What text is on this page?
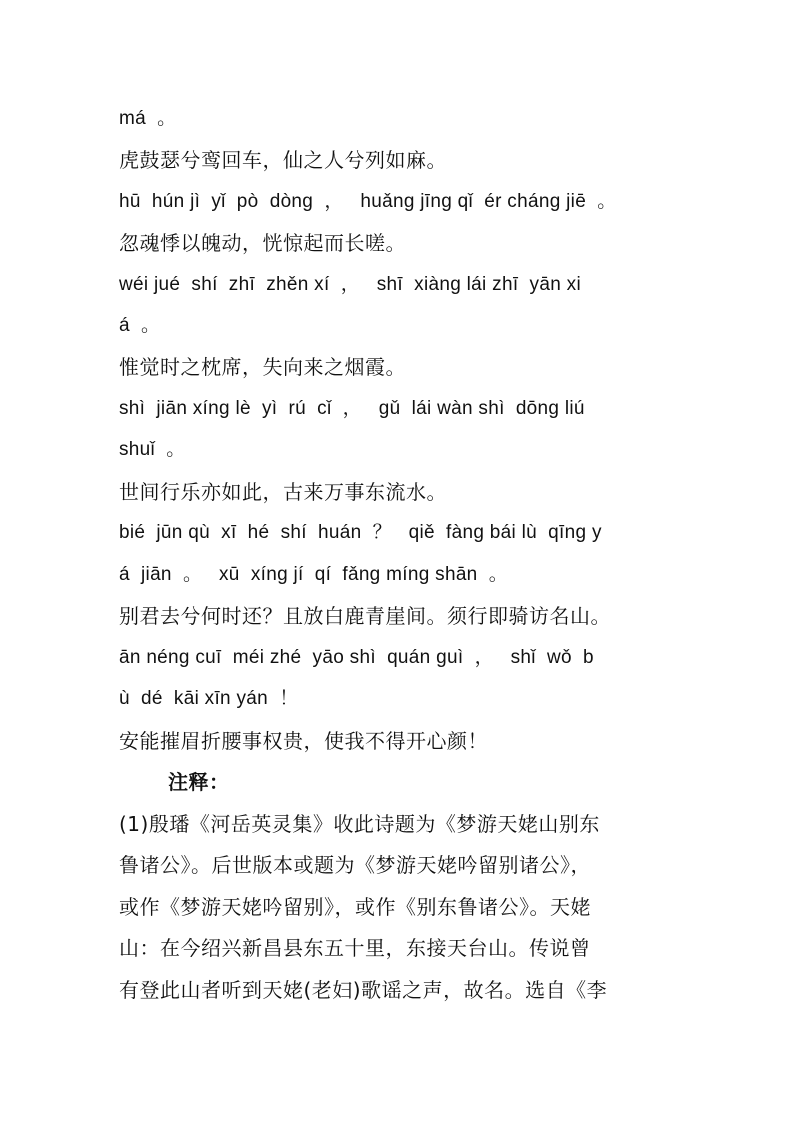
má  。
虎鼓瑟兮鸾回车，仙之人兮列如麻。
hū  hún jì  yǐ  pò  dòng  ，   huǎng jīng qǐ  ér cháng jiē  。
忽魂悸以魄动，恍惊起而长嗟。
wéi jué  shí  zhī  zhěn xí  ，   shī  xiàng lái zhī  yān xi
á  。
惟觉时之枕席，失向来之烟霞。
shì  jiān xíng lè  yì  rú  cǐ  ，   gǔ  lái wàn shì  dōng liú
shuǐ  。
世间行乐亦如此，古来万事东流水。
bié  jūn qù  xī  hé  shí  huán  ？   qiě  fàng bái lù  qīng y
á  jiān  。   xū  xíng jí  qí  fǎng míng shān  。
别君去兮何时还？且放白鹿青崖间。须行即骑访名山。
ān néng cuī  méi zhé  yāo shì  quán guì  ，   shǐ  wǒ  b
ù  dé  kāi xīn yán  ！
安能摧眉折腰事权贵，使我不得开心颜！
注释：
(1)殷璠《河岳英灵集》收此诗题为《梦游天姥山别东
鲁诸公》。后世版本或题为《梦游天姥吟留别诸公》，
或作《梦游天姥吟留别》，或作《别东鲁诸公》。天姥
山：在今绍兴新昌县东五十里，东接天台山。传说曾
有登此山者听到天姥(老妇)歌谣之声，故名。选自《李
